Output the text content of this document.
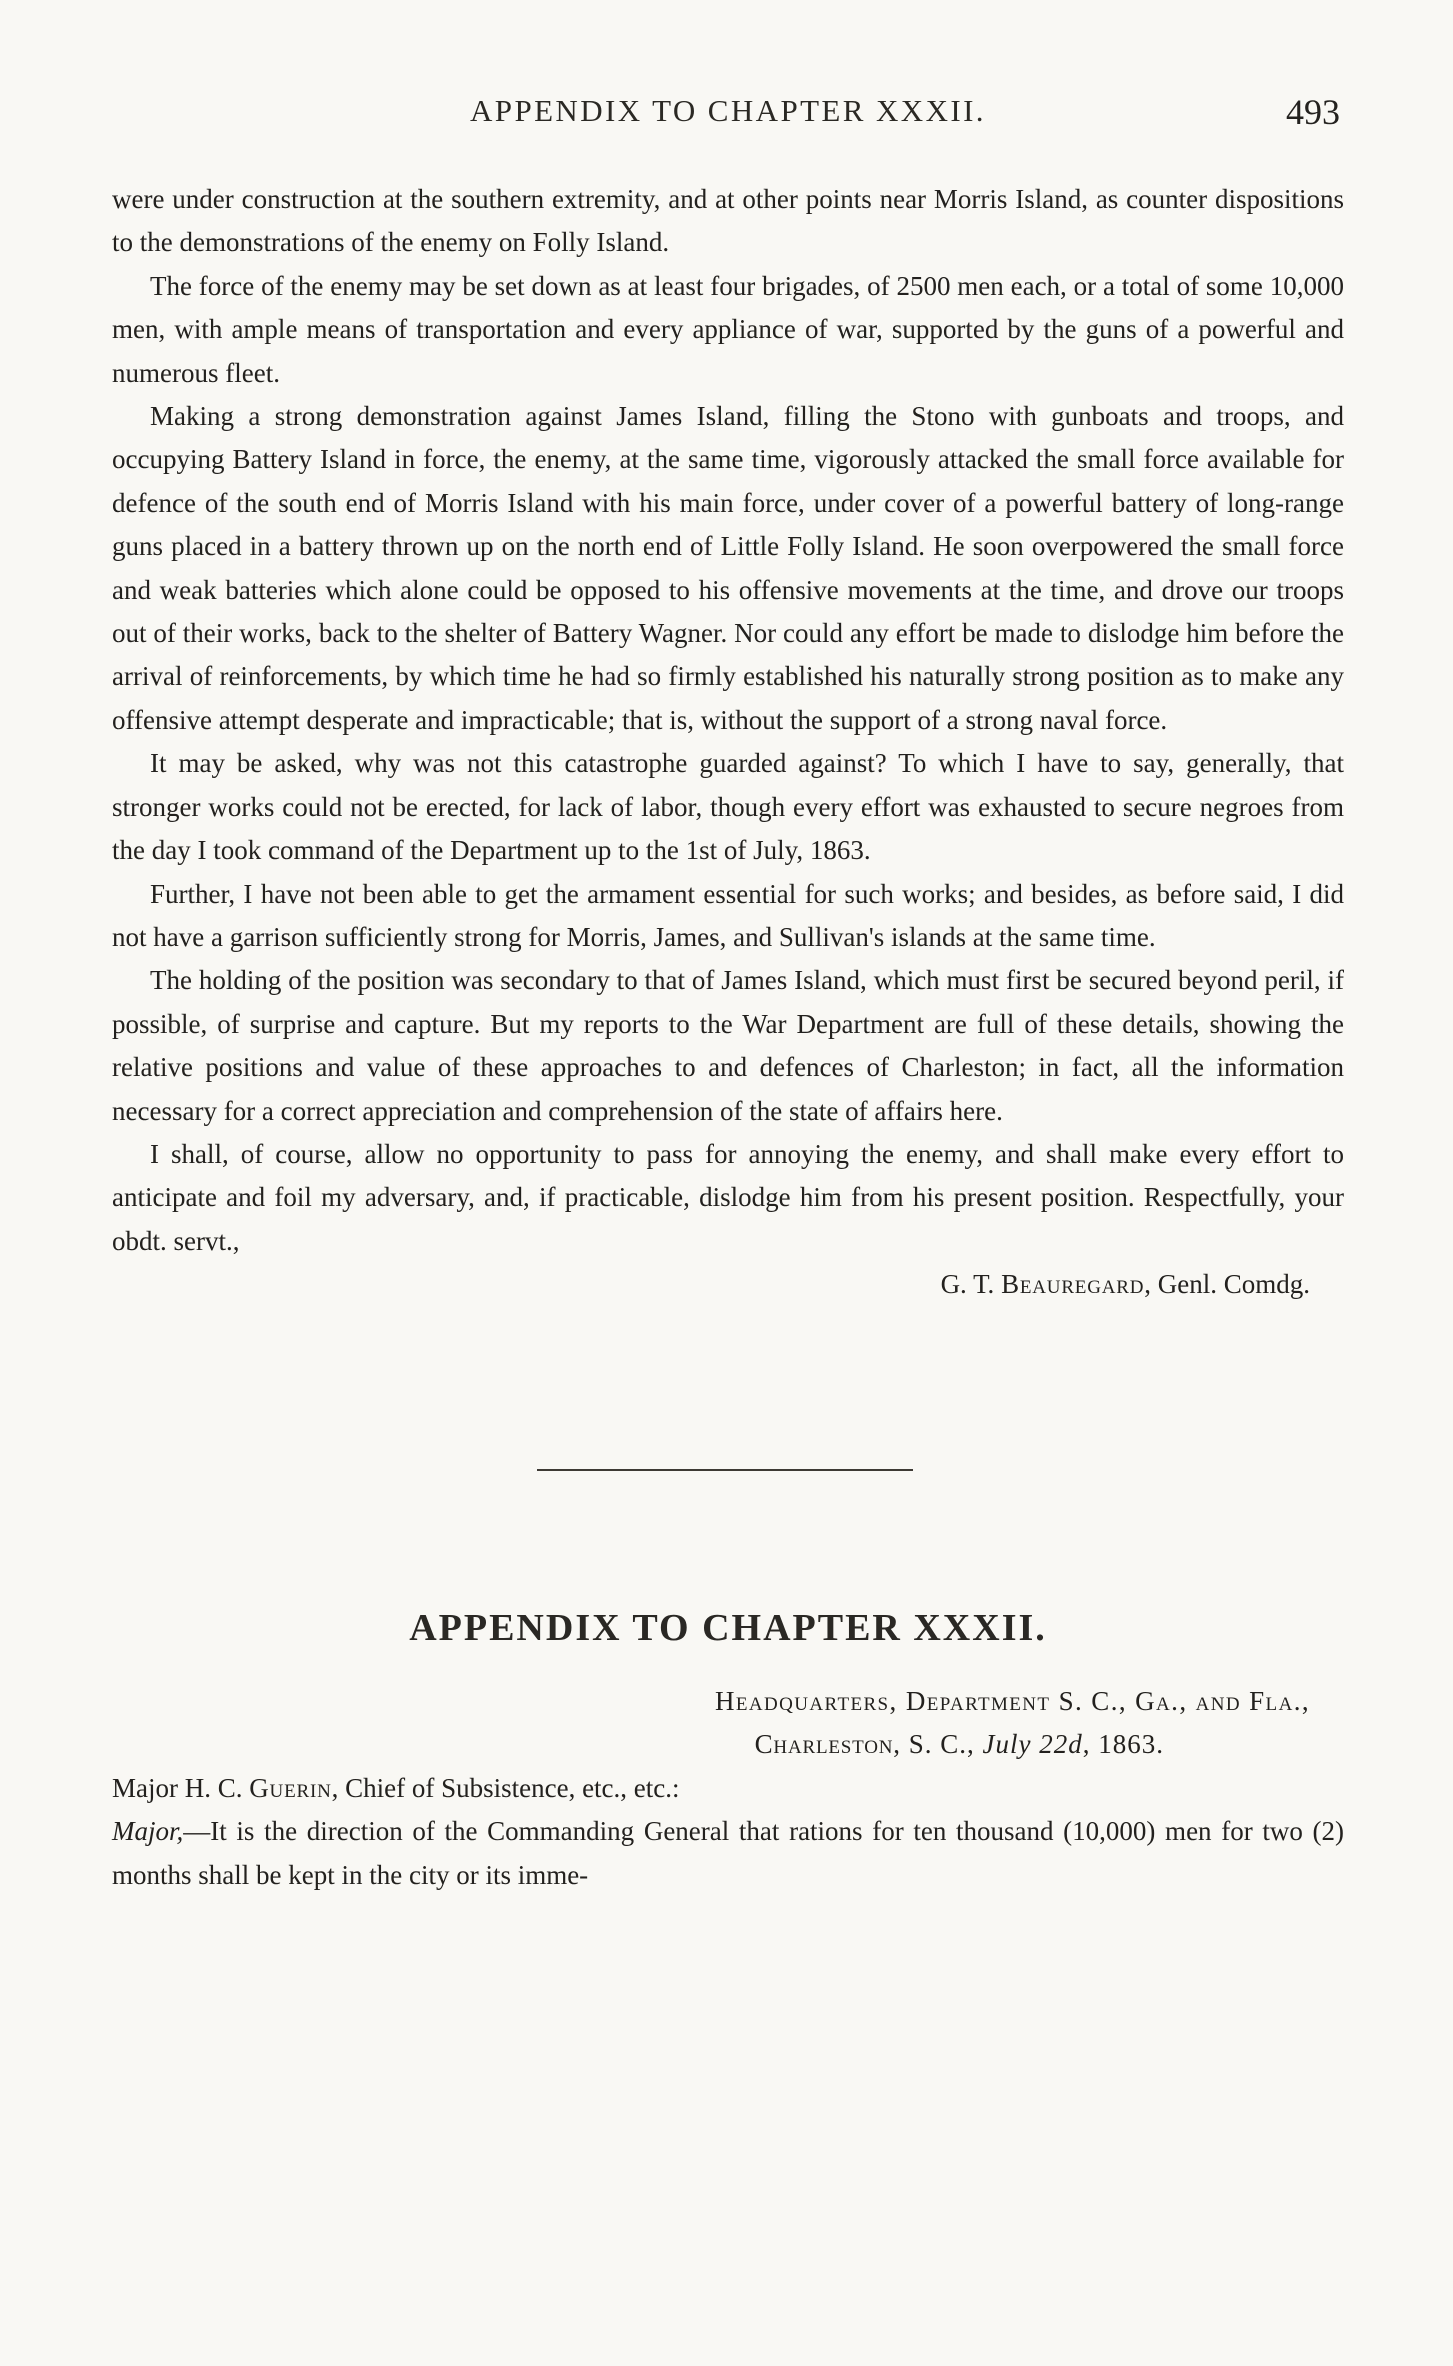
APPENDIX TO CHAPTER XXXII.	493

were under construction at the southern extremity, and at other points near Morris Island, as counter dispositions to the demonstrations of the enemy on Folly Island.

The force of the enemy may be set down as at least four brigades, of 2500 men each, or a total of some 10,000 men, with ample means of transportation and every appliance of war, supported by the guns of a powerful and numerous fleet.

Making a strong demonstration against James Island, filling the Stono with gunboats and troops, and occupying Battery Island in force, the enemy, at the same time, vigorously attacked the small force available for defence of the south end of Morris Island with his main force, under cover of a powerful battery of long-range guns placed in a battery thrown up on the north end of Little Folly Island. He soon overpowered the small force and weak batteries which alone could be opposed to his offensive movements at the time, and drove our troops out of their works, back to the shelter of Battery Wagner. Nor could any effort be made to dislodge him before the arrival of reinforcements, by which time he had so firmly established his naturally strong position as to make any offensive attempt desperate and impracticable; that is, without the support of a strong naval force.

It may be asked, why was not this catastrophe guarded against? To which I have to say, generally, that stronger works could not be erected, for lack of labor, though every effort was exhausted to secure negroes from the day I took command of the Department up to the 1st of July, 1863.

Further, I have not been able to get the armament essential for such works; and besides, as before said, I did not have a garrison sufficiently strong for Morris, James, and Sullivan's islands at the same time.

The holding of the position was secondary to that of James Island, which must first be secured beyond peril, if possible, of surprise and capture. But my reports to the War Department are full of these details, showing the relative positions and value of these approaches to and defences of Charleston; in fact, all the information necessary for a correct appreciation and comprehension of the state of affairs here.

I shall, of course, allow no opportunity to pass for annoying the enemy, and shall make every effort to anticipate and foil my adversary, and, if practicable, dislodge him from his present position. Respectfully, your obdt. servt.,

G. T. Beauregard, Genl. Comdg.
APPENDIX TO CHAPTER XXXII.
Headquarters, Department S. C., Ga., and Fla.,
Charleston, S. C., July 22d, 1863.
Major H. C. Guerin, Chief of Subsistence, etc., etc.:

Major,—It is the direction of the Commanding General that rations for ten thousand (10,000) men for two (2) months shall be kept in the city or its imme-
